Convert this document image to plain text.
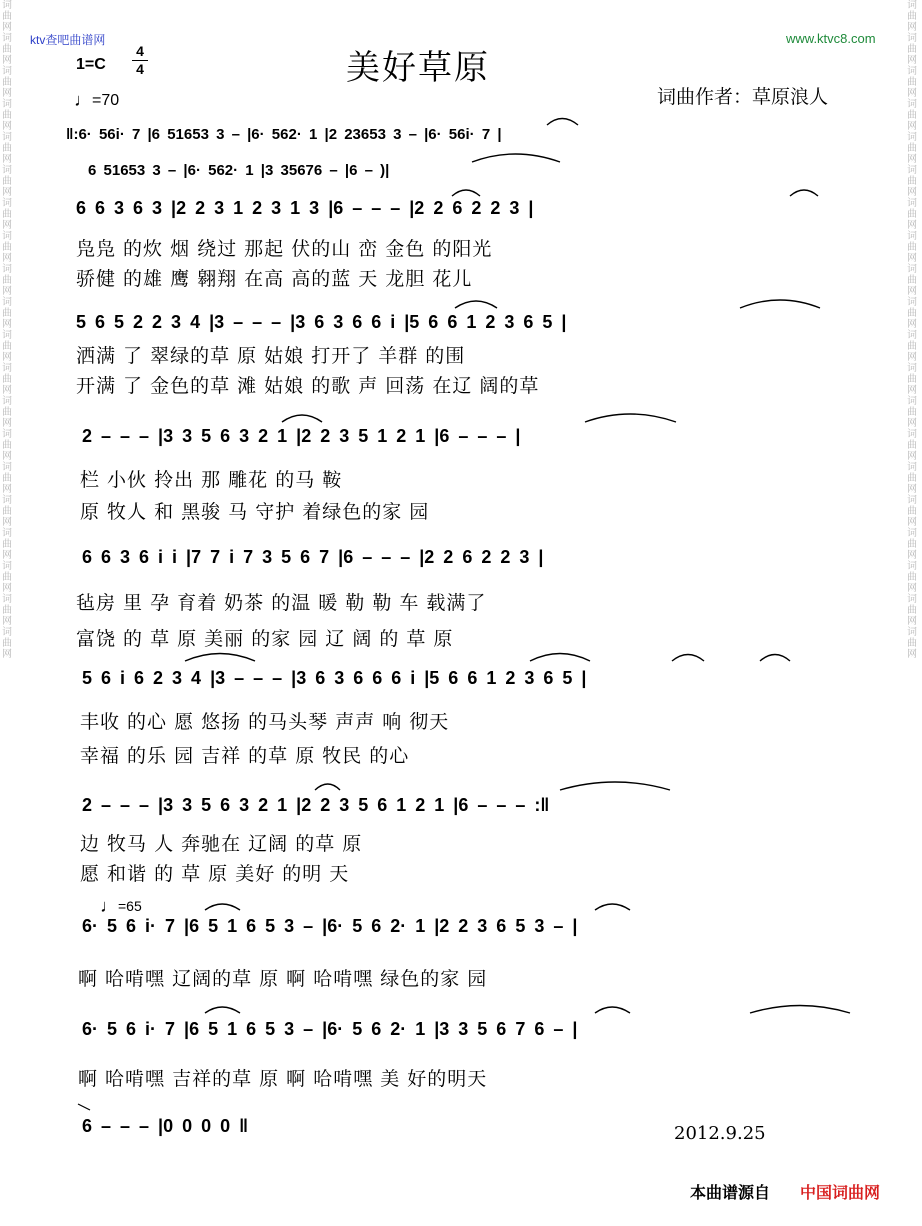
ktv查吧曲谱网	www.ktvc8.com
1=C
4
4	美好草原
词曲作者：草原浪人
♩=70
‖:6· 56i· 7 |6 51653 3 – |6· 562· 1 |2 23653 3 – |6· 56i· 7 |
6 51653 3 – |6· 562· 1 |3 35676 – |6 – )|
6 6 3 6 3 |2 2 3 1 2 3 1 3 |6 – – – |2 2 6 2 2 3 |
凫凫 的炊 烟 绕过 那起 伏的山 峦 金色 的阳光
骄健 的雄 鹰 翱翔 在高 高的蓝 天 龙胆 花儿
5 6 5 2 2 3 4 |3 – – – |3 6 3 6 6 i |5 6 6 1 2 3 6 5 |
洒满 了 翠绿的草 原 姑娘 打开了 羊群 的围
开满 了 金色的草 滩 姑娘 的歌 声 回荡 在辽 阔的草
2 – – – |3 3 5 6 3 2 1 |2 2 3 5 1 2 1 |6 – – – |
栏 小伙 拎出 那 雕花 的马 鞍
原 牧人 和 黑骏 马 守护 着绿色的家 园
6 6 3 6 i i |7 7 i 7 3 5 6 7 |6 – – – |2 2 6 2 2 3 |
毡房 里 孕 育着 奶茶 的温 暖 勒 勒 车 载满了
富饶 的 草 原 美丽 的家 园 辽 阔 的 草 原
5 6 i 6 2 3 4 |3 – – – |3 6 3 6 6 6 i |5 6 6 1 2 3 6 5 |
丰收 的心 愿 悠扬 的马头琴 声声 响 彻天
幸福 的乐 园 吉祥 的草 原 牧民 的心
2 – – – |3 3 5 6 3 2 1 |2 2 3 5 6 1 2 1 |6 – – – :‖
边 牧马 人 奔驰在 辽阔 的草 原
愿 和谐 的 草 原 美好 的明 天
♩=65
6· 5 6 i· 7 |6 5 1 6 5 3 – |6· 5 6 2· 1 |2 2 3 6 5 3 – |
啊 哈啃嘿 辽阔的草 原 啊 哈啃嘿 绿色的家 园
6· 5 6 i· 7 |6 5 1 6 5 3 – |6· 5 6 2· 1 |3 3 5 6 7 6 – |
啊 哈啃嘿 吉祥的草 原 啊 哈啃嘿 美 好的明天
6 – – – |0 0 0 0 ‖	2012.9.25
本曲谱源自 中国词曲网
词曲网词曲网词曲网词曲网词曲网词曲网词曲网词曲网词曲网词曲网词曲网词曲网词曲网词曲网词曲网词曲网词曲网词曲网词曲网词曲网
词曲网词曲网词曲网词曲网词曲网词曲网词曲网词曲网词曲网词曲网词曲网词曲网词曲网词曲网词曲网词曲网词曲网词曲网词曲网词曲网
